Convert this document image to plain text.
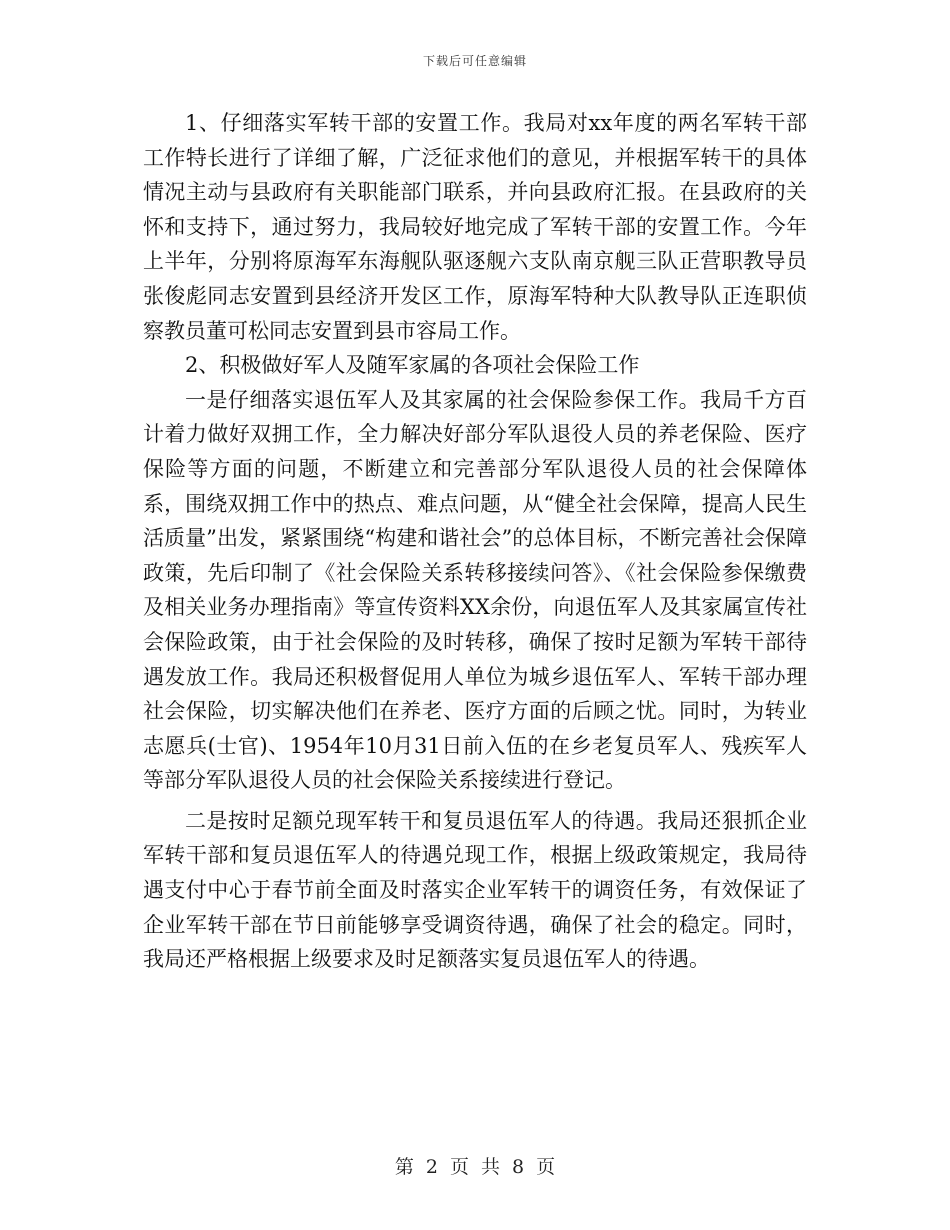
下载后可任意编辑

1、仔细落实军转干部的安置工作。我局对xx年度的两名军转干部工作特长进行了详细了解，广泛征求他们的意见，并根据军转干的具体情况主动与县政府有关职能部门联系，并向县政府汇报。在县政府的关怀和支持下，通过努力，我局较好地完成了军转干部的安置工作。今年上半年，分别将原海军东海舰队驱逐舰六支队南京舰三队正营职教导员张俊彪同志安置到县经济开发区工作，原海军特种大队教导队正连职侦察教员董可松同志安置到县市容局工作。

2、积极做好军人及随军家属的各项社会保险工作

一是仔细落实退伍军人及其家属的社会保险参保工作。我局千方百计着力做好双拥工作，全力解决好部分军队退役人员的养老保险、医疗保险等方面的问题，不断建立和完善部分军队退役人员的社会保障体系，围绕双拥工作中的热点、难点问题，从“健全社会保障，提高人民生活质量”出发，紧紧围绕“构建和谐社会”的总体目标，不断完善社会保障政策，先后印制了《社会保险关系转移接续问答》、《社会保险参保缴费及相关业务办理指南》等宣传资料XX余份，向退伍军人及其家属宣传社会保险政策，由于社会保险的及时转移，确保了按时足额为军转干部待遇发放工作。我局还积极督促用人单位为城乡退伍军人、军转干部办理社会保险，切实解决他们在养老、医疗方面的后顾之忧。同时，为转业志愿兵(士官)、1954年10月31日前入伍的在乡老复员军人、残疾军人等部分军队退役人员的社会保险关系接续进行登记。

二是按时足额兑现军转干和复员退伍军人的待遇。我局还狠抓企业军转干部和复员退伍军人的待遇兑现工作，根据上级政策规定，我局待遇支付中心于春节前全面及时落实企业军转干的调资任务，有效保证了企业军转干部在节日前能够享受调资待遇，确保了社会的稳定。同时，我局还严格根据上级要求及时足额落实复员退伍军人的待遇。

第 2 页 共 8 页
